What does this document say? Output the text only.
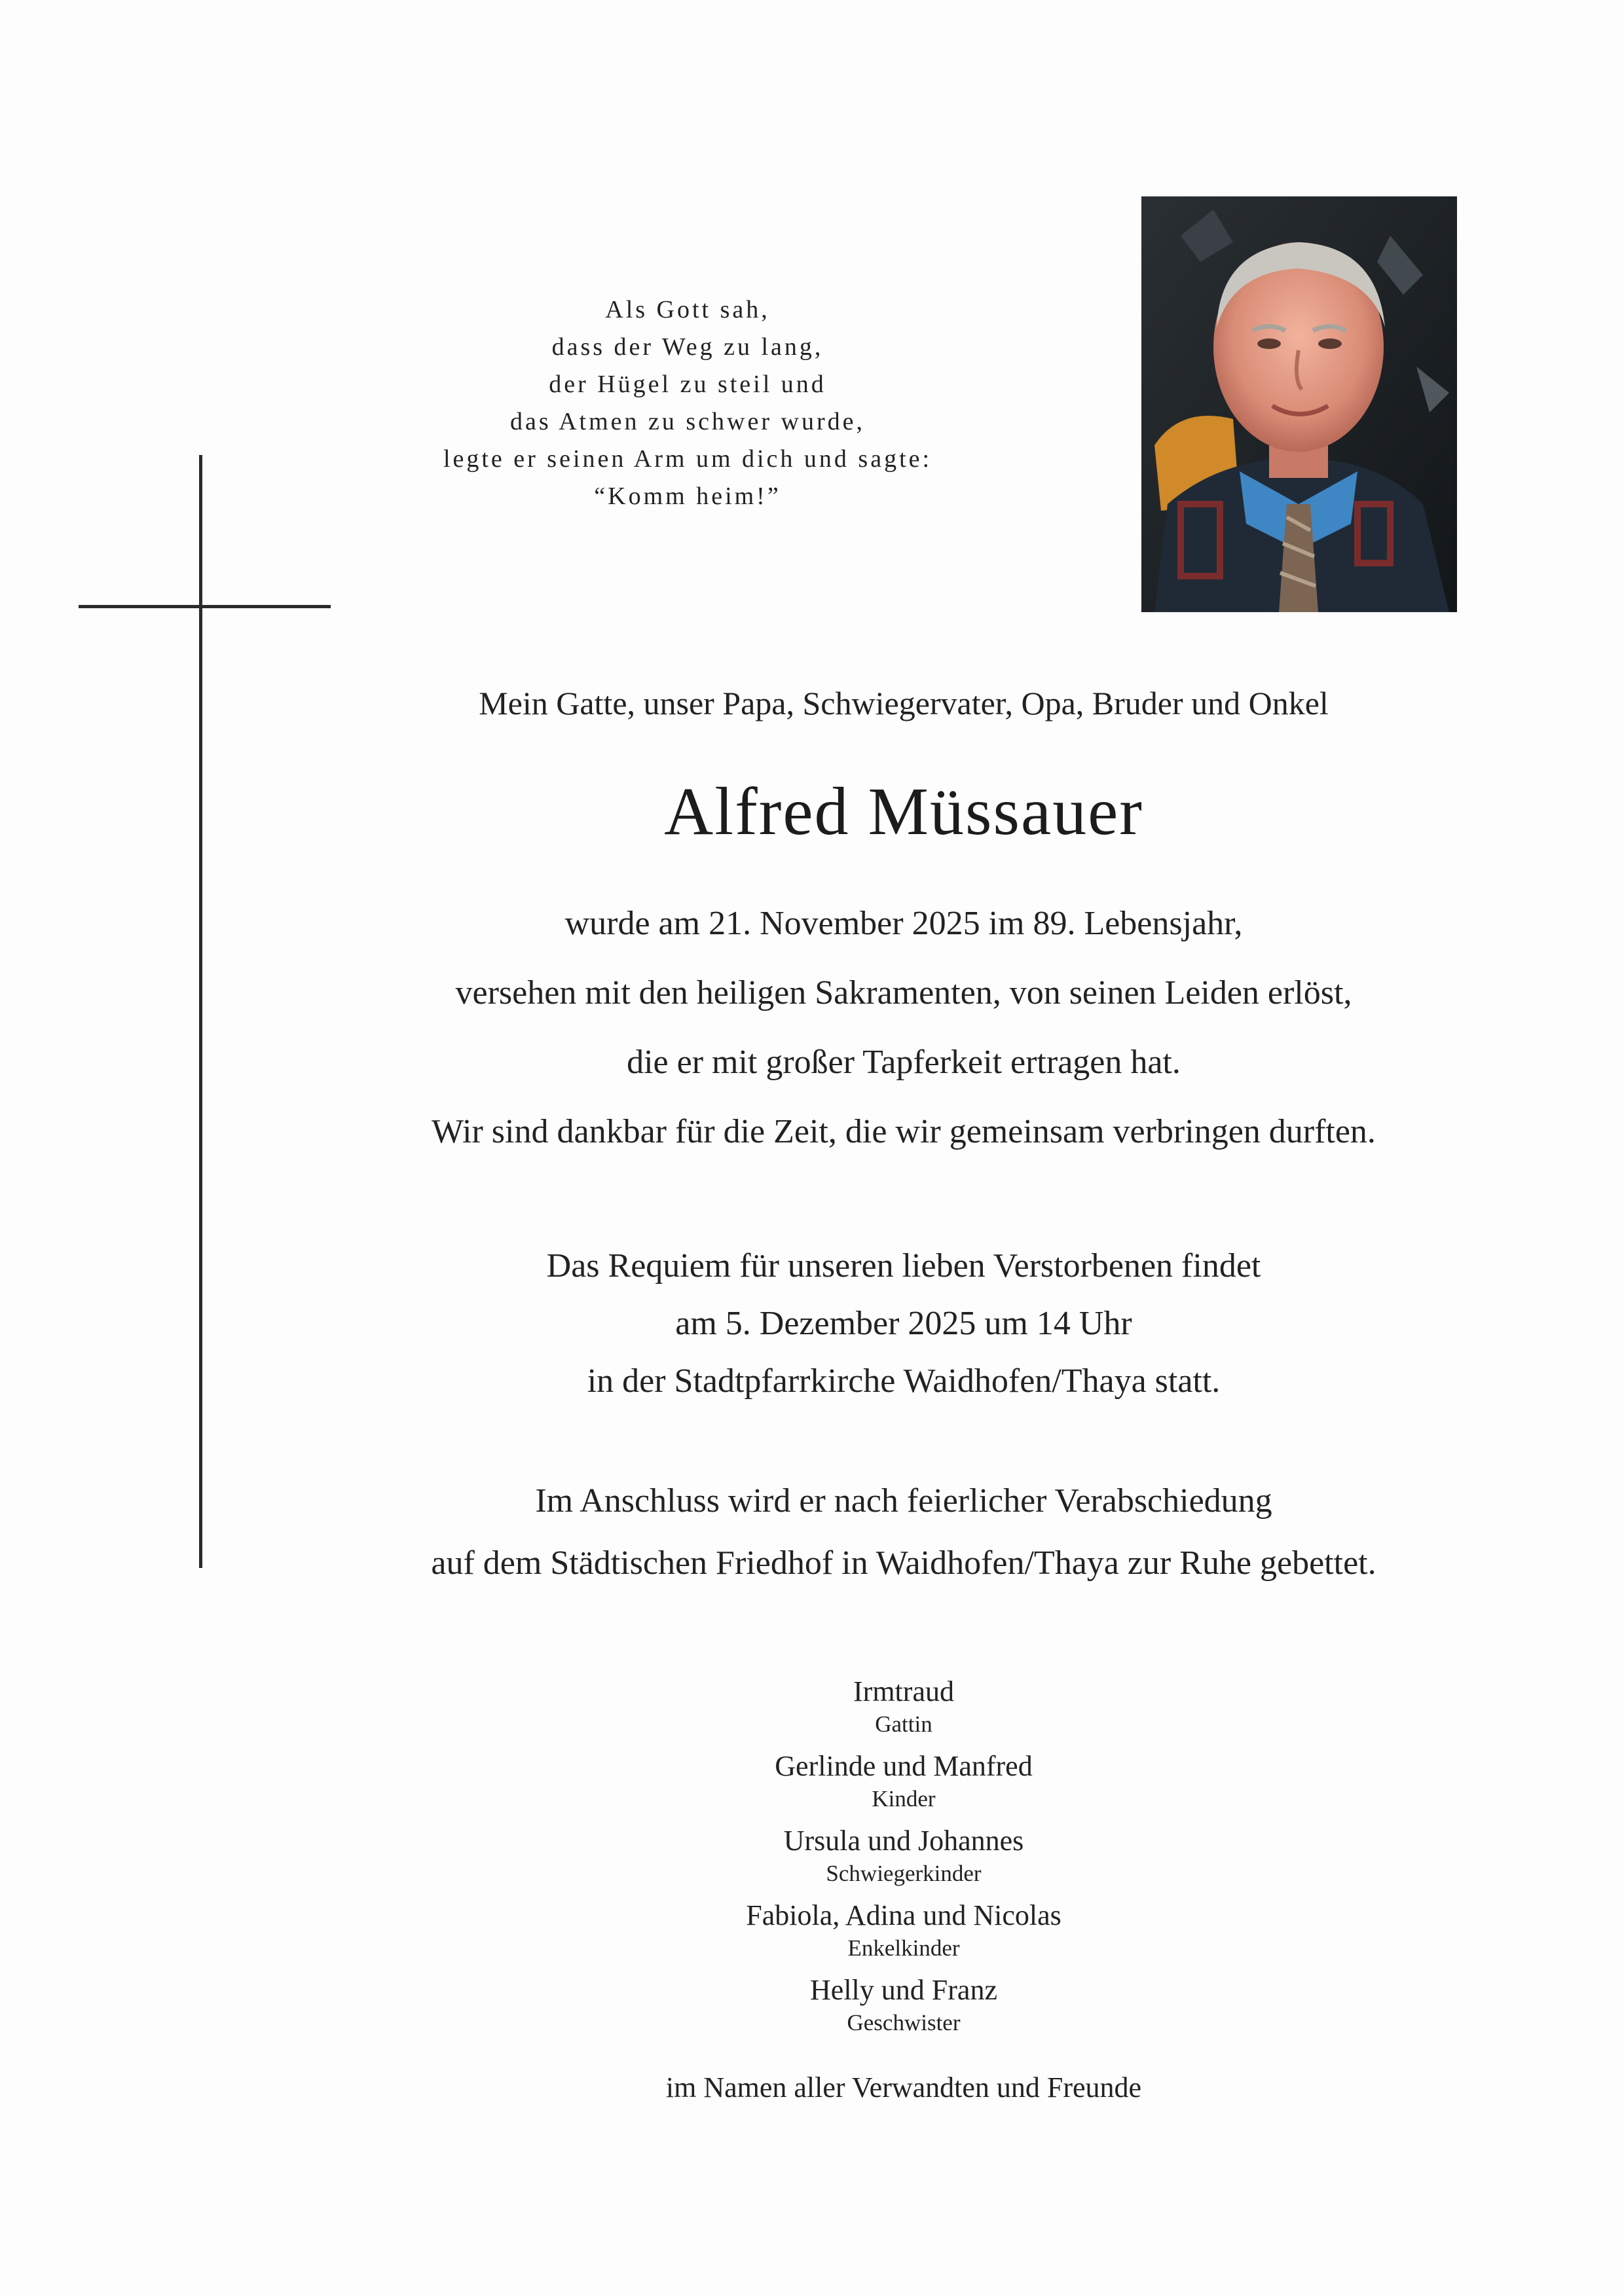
Als Gott sah,
dass der Weg zu lang,
der Hügel zu steil und
das Atmen zu schwer wurde,
legte er seinen Arm um dich und sagte:
“Komm heim!”
Mein Gatte, unser Papa, Schwiegervater, Opa, Bruder und Onkel
Alfred Müssauer
wurde am 21. November 2025 im 89. Lebensjahr,
versehen mit den heiligen Sakramenten, von seinen Leiden erlöst,
die er mit großer Tapferkeit ertragen hat.
Wir sind dankbar für die Zeit, die wir gemeinsam verbringen durften.
Das Requiem für unseren lieben Verstorbenen findet
am 5. Dezember 2025 um 14 Uhr
in der Stadtpfarrkirche Waidhofen/Thaya statt.
Im Anschluss wird er nach feierlicher Verabschiedung
auf dem Städtischen Friedhof in Waidhofen/Thaya zur Ruhe gebettet.
Irmtraud
Gattin
Gerlinde und Manfred
Kinder
Ursula und Johannes
Schwiegerkinder
Fabiola, Adina und Nicolas
Enkelkinder
Helly und Franz
Geschwister
im Namen aller Verwandten und Freunde
